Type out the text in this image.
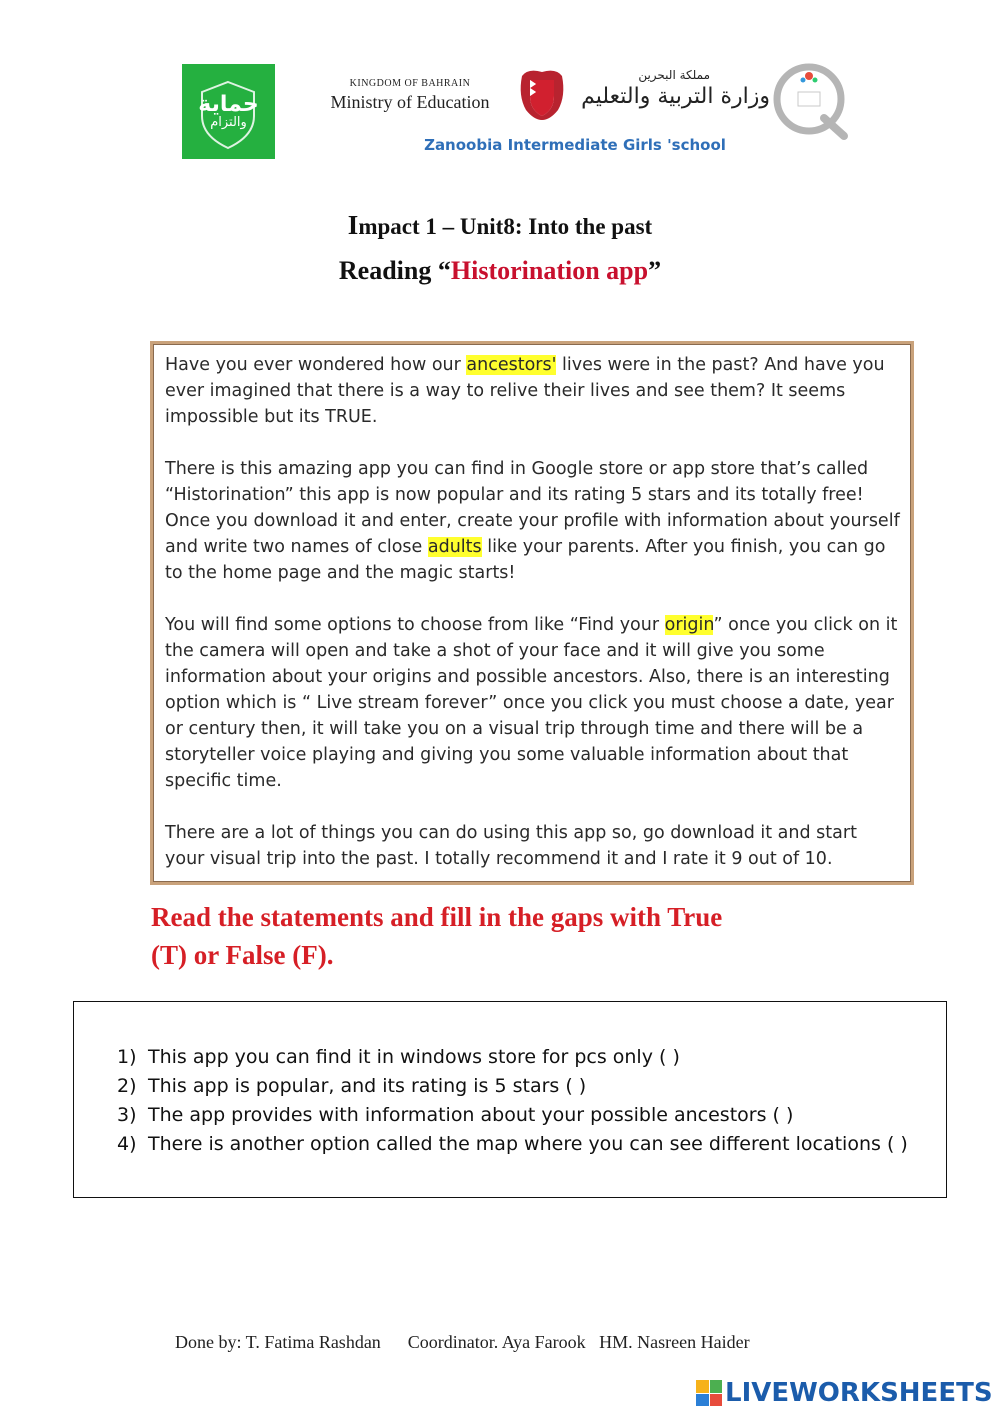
حماية
والتزام
KINGDOM OF BAHRAIN
Ministry of Education
مملكة البحرين
وزارة التربية والتعليم
Zanoobia Intermediate Girls 'school
Impact 1 – Unit8: Into the past
Reading “Historination app”
Have you ever wondered how our ancestors' lives were in the past? And have you ever imagined that there is a way to relive their lives and see them? It seems impossible but its TRUE.
There is this amazing app you can find in Google store or app store that’s called “Historination” this app is now popular and its rating 5 stars and its totally free! Once you download it and enter, create your profile with information about yourself and write two names of close adults like your parents. After you finish, you can go to the home page and the magic starts!
You will find some options to choose from like “Find your origin” once you click on it the camera will open and take a shot of your face and it will give you some information about your origins and possible ancestors. Also, there is an interesting option which is “ Live stream forever” once you click you must choose a date, year or century then, it will take you on a visual trip through time and there will be a storyteller voice playing and giving you some valuable information about that specific time.
There are a lot of things you can do using this app so, go download it and start your visual trip into the past. I totally recommend it and I rate it 9 out of 10.
Read the statements and fill in the gaps with True
(T) or False (F).
1) This app you can find it in windows store for pcs only ( )
2) This app is popular, and its rating is 5 stars ( )
3) The app provides with information about your possible ancestors ( )
4) There is another option called the map where you can see different locations ( )
Done by: T. Fatima Rashdan      Coordinator. Aya Farook   HM. Nasreen Haider
LIVEWORKSHEETS
